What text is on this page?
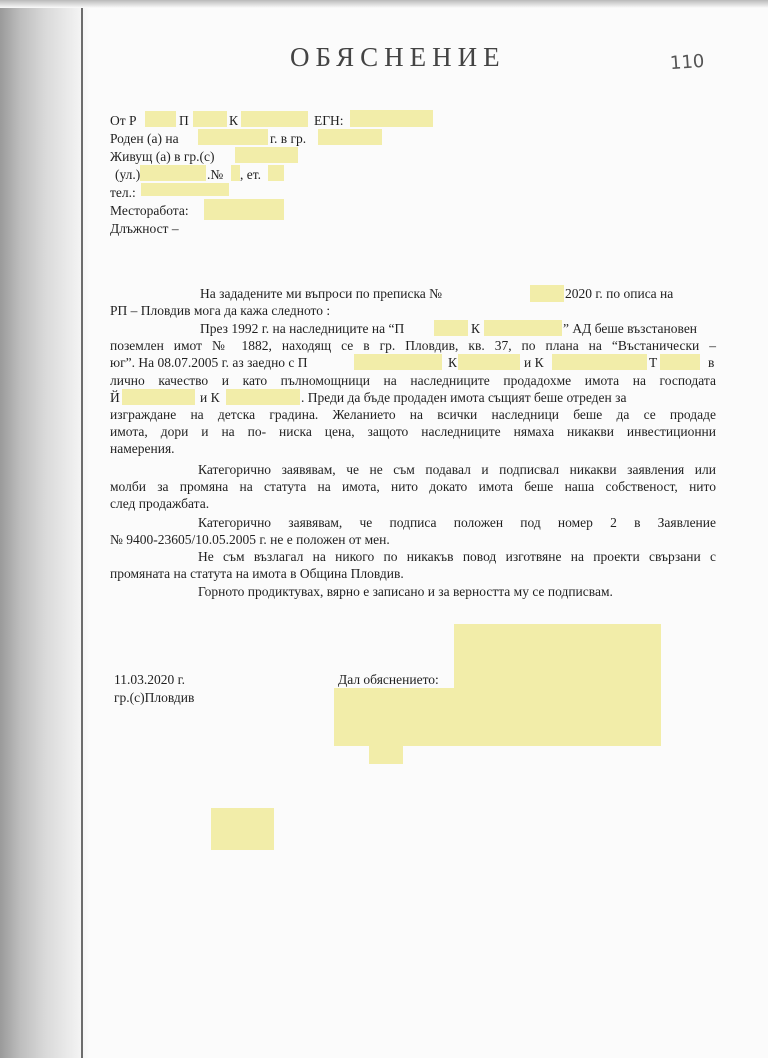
ОБЯСНЕНИЕ	110
От Р	П	К	ЕГН:
Роден (а) на	г. в гр.
Живущ (а) в гр.(с)
(ул.)	.№ , ет.
тел.:
Месторабота:
Длъжност –
На зададените ми въпроси по преписка №	2020 г. по опиcа на
РП – Пловдив мога да кажа следното :
През 1992 г. на наследниците на “П	К	” АД беше възстановен
поземлен имот № 1882, находящ се в гр. Пловдив, кв. 37, по плана на “Въстанически –
юг”. На 08.07.2005 г. аз заедно с П	К	и К	Т	в
лично качество и като пълномощници на наследниците продадохме имота на господата
Й	и К	. Преди да бъде продаден имота същият беше отреден за
изграждане на детска градина. Желанието на всички наследници беше да се продаде
имота, дори и на по- ниска цена, защото наследниците нямаха никакви инвестиционни
намерения.
Категорично заявявам, че не съм подавал и подписвал никакви заявления или
молби за промяна на статута на имота, нито докато имота беше наша собственост, нито
след продажбата.
Категорично заявявам, че подписа положен под номер 2 в Заявление
№ 9400-23605/10.05.2005 г. не е положен от мен.
Не съм възлагал на никого по никакъв повод изготвяне на проекти свързани с
промяната на статута на имота в Община Пловдив.
Горното продиктувах, вярно е записано и за верността му се подписвам.
11.03.2020 г.
гр.(с)Пловдив
Дал обяснението:
